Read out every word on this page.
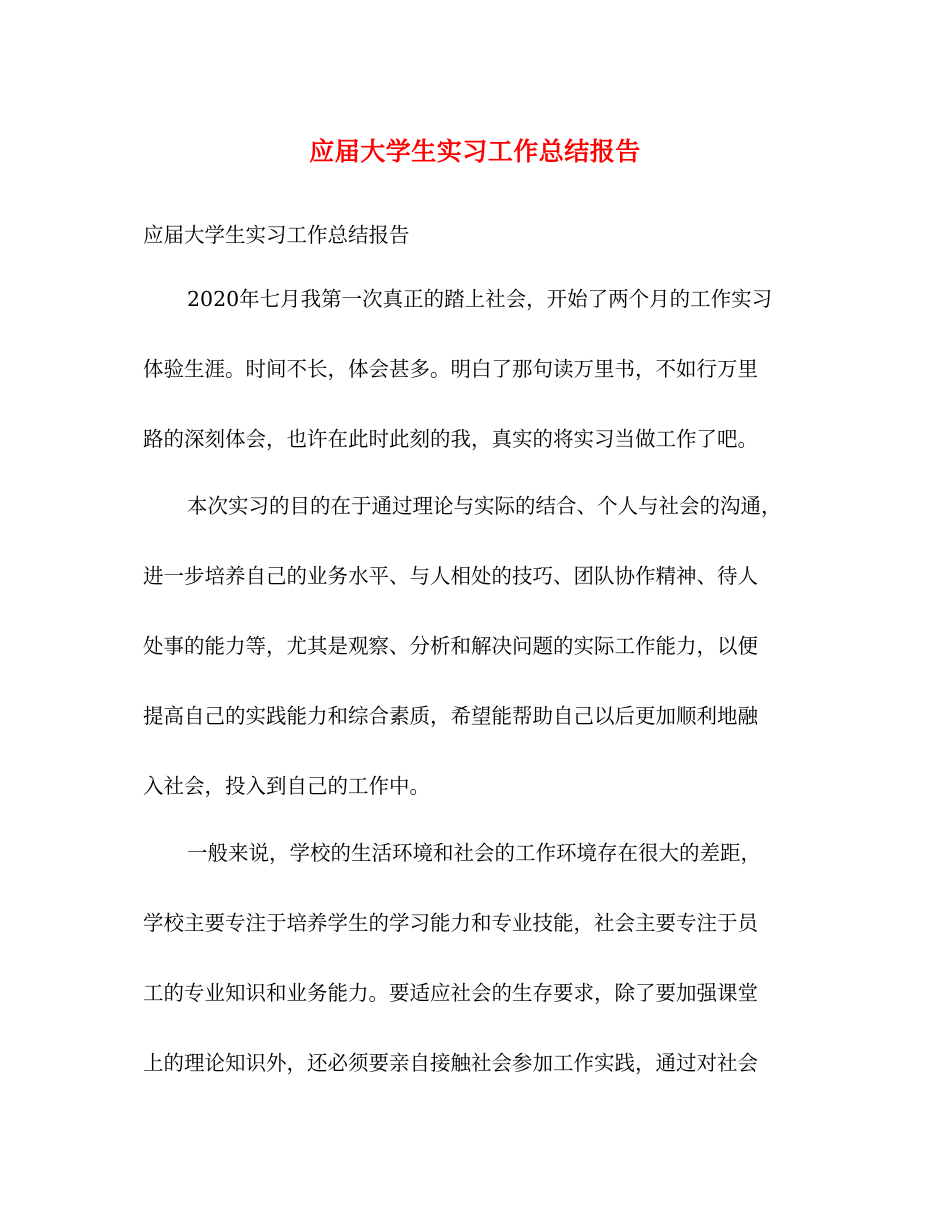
应届大学生实习工作总结报告
应届大学生实习工作总结报告
2020年七月我第一次真正的踏上社会，开始了两个月的工作实习
体验生涯。时间不长，体会甚多。明白了那句读万里书，不如行万里
路的深刻体会，也许在此时此刻的我，真实的将实习当做工作了吧。
本次实习的目的在于通过理论与实际的结合、个人与社会的沟通，
进一步培养自己的业务水平、与人相处的技巧、团队协作精神、待人
处事的能力等，尤其是观察、分析和解决问题的实际工作能力，以便
提高自己的实践能力和综合素质，希望能帮助自己以后更加顺利地融
入社会，投入到自己的工作中。
一般来说，学校的生活环境和社会的工作环境存在很大的差距，
学校主要专注于培养学生的学习能力和专业技能，社会主要专注于员
工的专业知识和业务能力。要适应社会的生存要求，除了要加强课堂
上的理论知识外，还必须要亲自接触社会参加工作实践，通过对社会
